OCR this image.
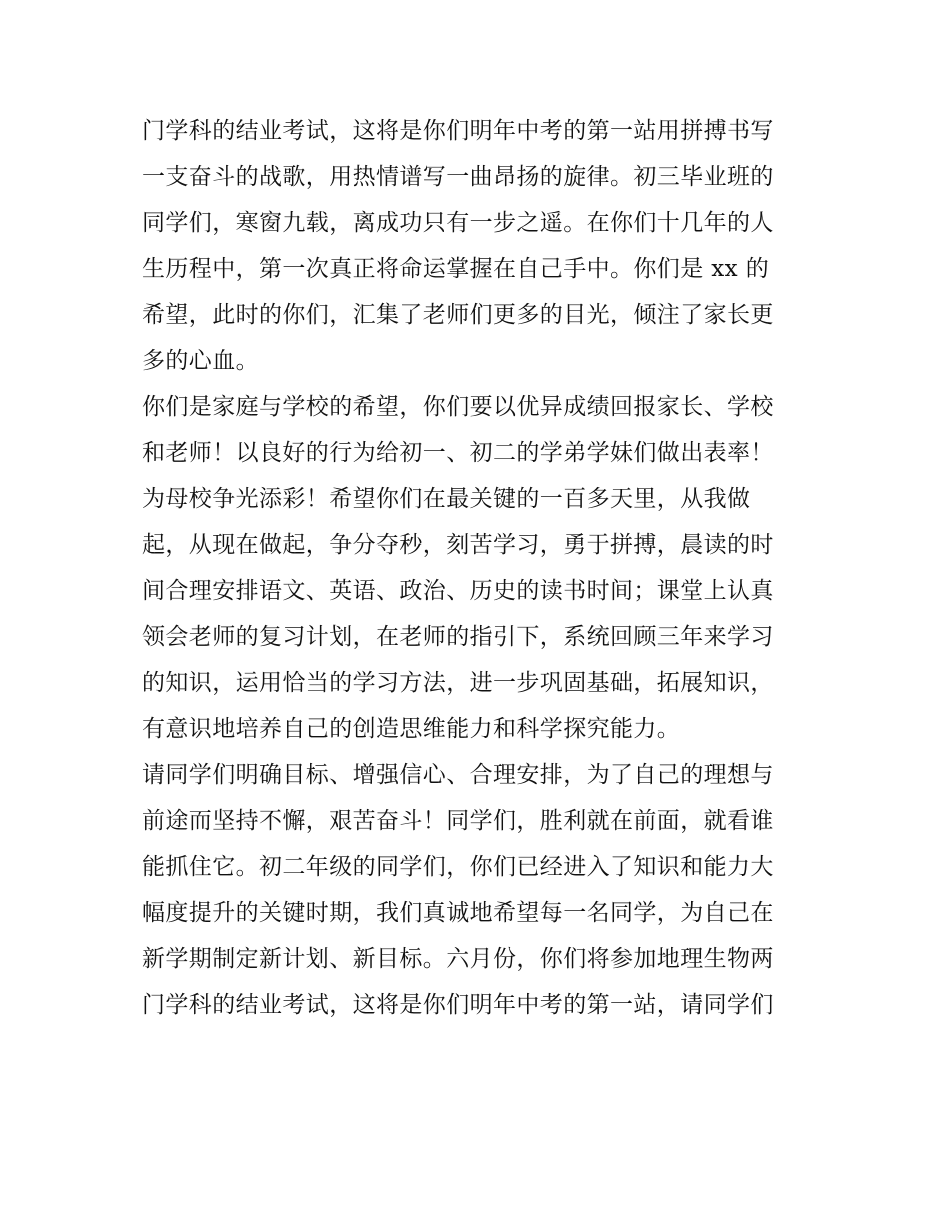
门学科的结业考试，这将是你们明年中考的第一站用拼搏书写
一支奋斗的战歌，用热情谱写一曲昂扬的旋律。初三毕业班的
同学们，寒窗九载，离成功只有一步之遥。在你们十几年的人
生历程中，第一次真正将命运掌握在自己手中。你们是 xx 的
希望，此时的你们，汇集了老师们更多的目光，倾注了家长更
多的心血。
你们是家庭与学校的希望，你们要以优异成绩回报家长、学校
和老师！以良好的行为给初一、初二的学弟学妹们做出表率！
为母校争光添彩！希望你们在最关键的一百多天里，从我做
起，从现在做起，争分夺秒，刻苦学习，勇于拼搏，晨读的时
间合理安排语文、英语、政治、历史的读书时间；课堂上认真
领会老师的复习计划，在老师的指引下，系统回顾三年来学习
的知识，运用恰当的学习方法，进一步巩固基础，拓展知识，
有意识地培养自己的创造思维能力和科学探究能力。
请同学们明确目标、增强信心、合理安排，为了自己的理想与
前途而坚持不懈，艰苦奋斗！同学们，胜利就在前面，就看谁
能抓住它。初二年级的同学们，你们已经进入了知识和能力大
幅度提升的关键时期，我们真诚地希望每一名同学，为自己在
新学期制定新计划、新目标。六月份，你们将参加地理生物两
门学科的结业考试，这将是你们明年中考的第一站，请同学们
